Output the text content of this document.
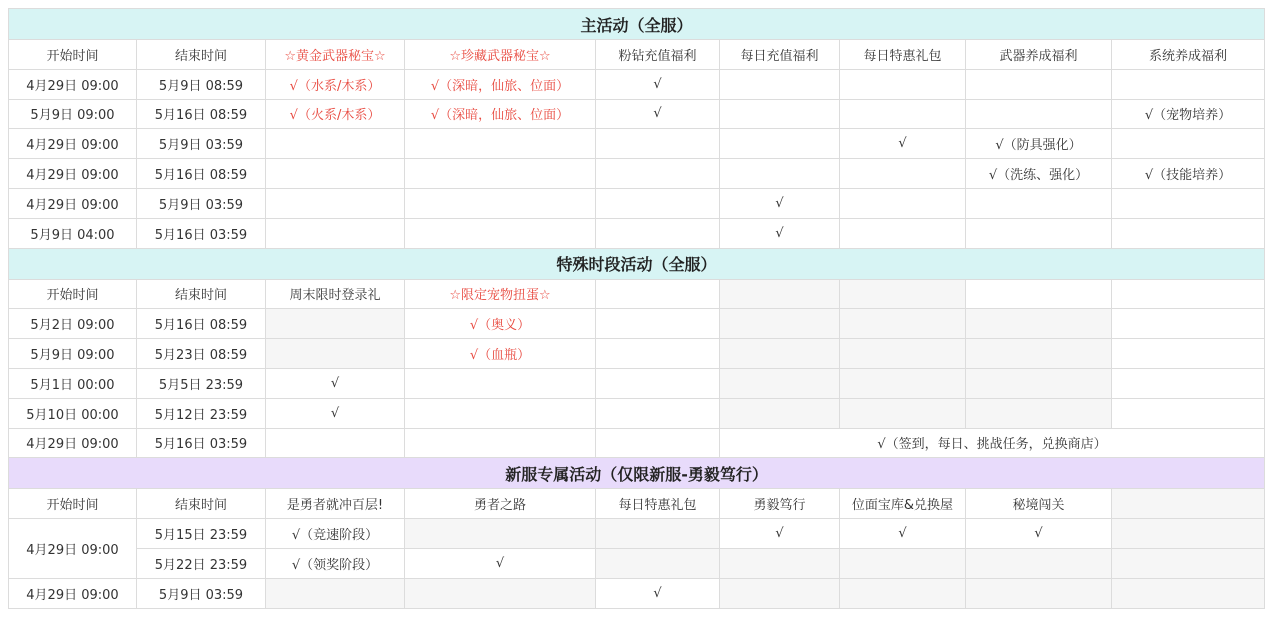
主活动（全服）								
开始时间	结束时间	☆黄金武器秘宝☆	☆珍藏武器秘宝☆	粉钻充值福利	每日充值福利	每日特惠礼包	武器养成福利	系统养成福利
4月29日 09:00	5月9日 08:59	√（水系/木系）	√（深暗，仙旅、位面）	√				
5月9日 09:00	5月16日 08:59	√（火系/木系）	√（深暗，仙旅、位面）	√				√（宠物培养）
4月29日 09:00	5月9日 03:59					√	√（防具强化）	
4月29日 09:00	5月16日 08:59						√（洗练、强化）	√（技能培养）
4月29日 09:00	5月9日 03:59				√			
5月9日 04:00	5月16日 03:59				√			
特殊时段活动（全服）								
开始时间	结束时间	周末限时登录礼	☆限定宠物扭蛋☆					
5月2日 09:00	5月16日 08:59		√（奥义）					
5月9日 09:00	5月23日 08:59		√（血瓶）					
5月1日 00:00	5月5日 23:59	√						
5月10日 00:00	5月12日 23:59	√						
4月29日 09:00	5月16日 03:59				√（签到，每日、挑战任务，兑换商店）			
新服专属活动（仅限新服-勇毅笃行）								
开始时间	结束时间	是勇者就冲百层!	勇者之路	每日特惠礼包	勇毅笃行	位面宝库&兑换屋	秘境闯关	
4月29日 09:00	5月15日 23:59	√（竞速阶段）			√	√	√	
	5月22日 23:59	√（领奖阶段）	√					
4月29日 09:00	5月9日 03:59			√				
